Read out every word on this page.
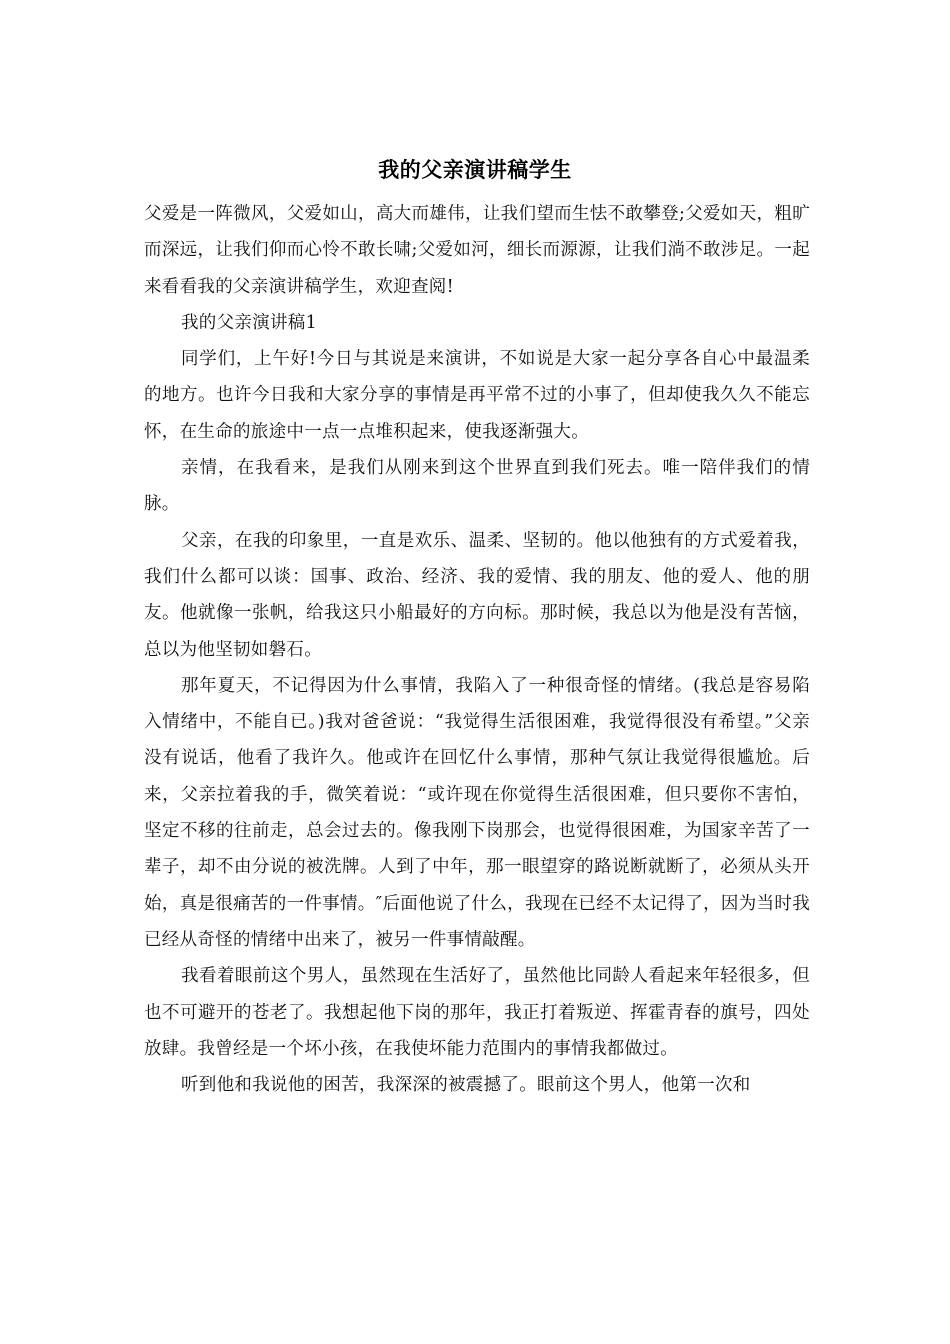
我的父亲演讲稿学生

父爱是一阵微风，父爱如山，高大而雄伟，让我们望而生怯不敢攀登;父爱如天，粗旷而深远，让我们仰而心怜不敢长啸;父爱如河，细长而源源，让我们淌不敢涉足。一起来看看我的父亲演讲稿学生，欢迎查阅!

我的父亲演讲稿1

同学们，上午好!今日与其说是来演讲，不如说是大家一起分享各自心中最温柔的地方。也许今日我和大家分享的事情是再平常不过的小事了，但却使我久久不能忘怀，在生命的旅途中一点一点堆积起来，使我逐渐强大。

亲情，在我看来，是我们从刚来到这个世界直到我们死去。唯一陪伴我们的情脉。

父亲，在我的印象里，一直是欢乐、温柔、坚韧的。他以他独有的方式爱着我，我们什么都可以谈：国事、政治、经济、我的爱情、我的朋友、他的爱人、他的朋友。他就像一张帆，给我这只小船最好的方向标。那时候，我总以为他是没有苦恼，总以为他坚韧如磐石。

那年夏天，不记得因为什么事情，我陷入了一种很奇怪的情绪。(我总是容易陷入情绪中，不能自已。)我对爸爸说：“我觉得生活很困难，我觉得很没有希望。”父亲没有说话，他看了我许久。他或许在回忆什么事情，那种气氛让我觉得很尴尬。后来，父亲拉着我的手，微笑着说：“或许现在你觉得生活很困难，但只要你不害怕，坚定不移的往前走，总会过去的。像我刚下岗那会，也觉得很困难，为国家辛苦了一辈子，却不由分说的被洗牌。人到了中年，那一眼望穿的路说断就断了，必须从头开始，真是很痛苦的一件事情。″后面他说了什么，我现在已经不太记得了，因为当时我已经从奇怪的情绪中出来了，被另一件事情敲醒。

我看着眼前这个男人，虽然现在生活好了，虽然他比同龄人看起来年轻很多，但也不可避开的苍老了。我想起他下岗的那年，我正打着叛逆、挥霍青春的旗号，四处放肆。我曾经是一个坏小孩，在我使坏能力范围内的事情我都做过。

听到他和我说他的困苦，我深深的被震撼了。眼前这个男人，他第一次和
